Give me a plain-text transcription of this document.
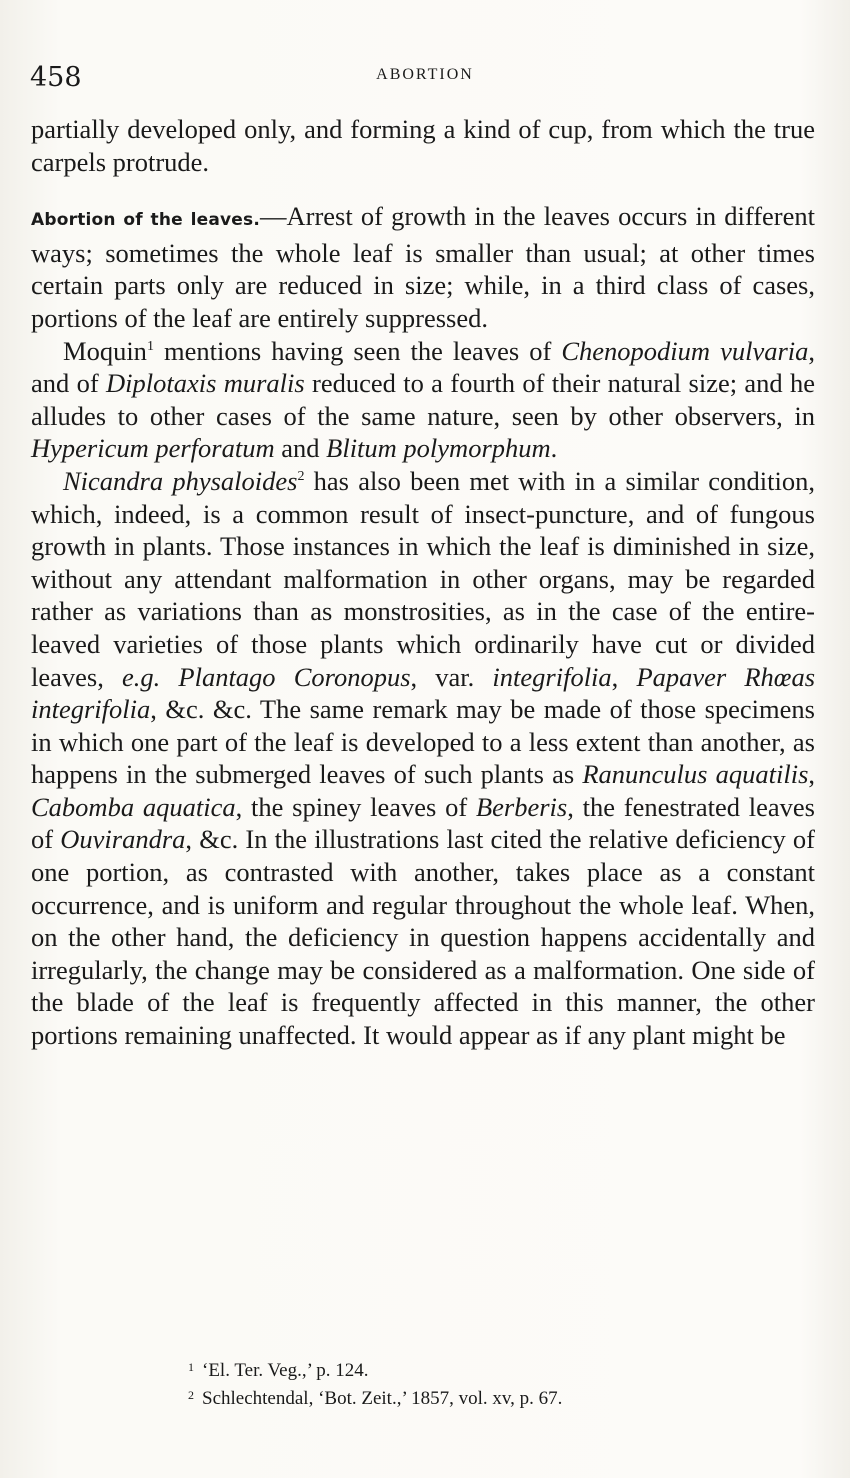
458	ABORTION

partially developed only, and forming a kind of cup, from which the true carpels protrude.

Abortion of the leaves.—Arrest of growth in the leaves occurs in different ways; sometimes the whole leaf is smaller than usual; at other times certain parts only are reduced in size; while, in a third class of cases, portions of the leaf are entirely suppressed.

Moquin$^1$ mentions having seen the leaves of Chenopodium vulvaria, and of Diplotaxis muralis reduced to a fourth of their natural size; and he alludes to other cases of the same nature, seen by other observers, in Hypericum perforatum and Blitum polymorphum.

Nicandra physaloides$^2$ has also been met with in a similar condition, which, indeed, is a common result of insect-puncture, and of fungous growth in plants. Those instances in which the leaf is diminished in size, without any attendant malformation in other organs, may be regarded rather as variations than as monstrosities, as in the case of the entire-leaved varieties of those plants which ordinarily have cut or divided leaves, e.g. Plantago Coronopus, var. integrifolia, Papaver Rhœas integrifolia, &c. &c. The same remark may be made of those specimens in which one part of the leaf is developed to a less extent than another, as happens in the submerged leaves of such plants as Ranunculus aquatilis, Cabomba aquatica, the spiney leaves of Berberis, the fenestrated leaves of Ouvirandra, &c. In the illustrations last cited the relative deficiency of one portion, as contrasted with another, takes place as a constant occurrence, and is uniform and regular throughout the whole leaf. When, on the other hand, the deficiency in question happens accidentally and irregularly, the change may be considered as a malformation. One side of the blade of the leaf is frequently affected in this manner, the other portions remaining unaffected. It would appear as if any plant might be

$^1$ ‘El. Ter. Veg.,’ p. 124.
$^2$ Schlechtendal, ‘Bot. Zeit.,’ 1857, vol. xv, p. 67.
